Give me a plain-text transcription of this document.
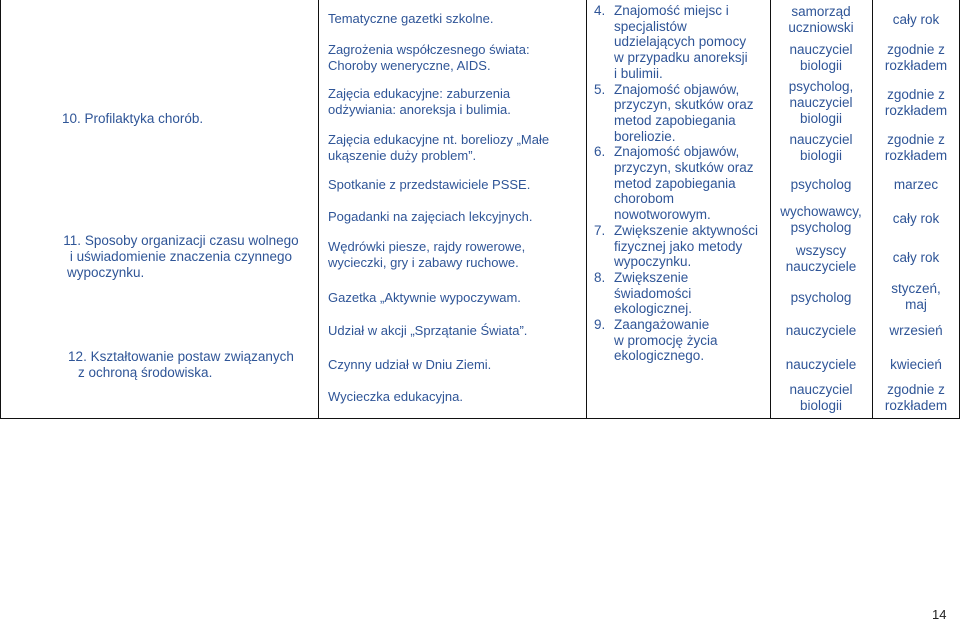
10. Profilaktyka chorób.
11. Sposoby organizacji czasu wolnego
i uświadomienie znaczenia czynnego
wypoczynku.
12. Kształtowanie postaw związanych
z ochroną środowiska.
Tematyczne gazetki szkolne.
Zagrożenia współczesnego świata:
Choroby weneryczne, AIDS.
Zajęcia edukacyjne: zaburzenia
odżywiania: anoreksja i bulimia.
Zajęcia edukacyjne nt. boreliozy „Małe
ukąszenie duży problem”.
Spotkanie z przedstawiciele PSSE.
Pogadanki na zajęciach lekcyjnych.
Wędrówki piesze, rajdy rowerowe,
wycieczki, gry i zabawy ruchowe.
Gazetka „Aktywnie wypoczywam.
Udział w akcji „Sprzątanie Świata”.
Czynny udział w Dniu Ziemi.
Wycieczka edukacyjna.
4. Znajomość miejsc i
specjalistów
udzielających pomocy
w przypadku anoreksji
i bulimii.
5. Znajomość objawów,
przyczyn, skutków oraz
metod zapobiegania
boreliozie.
6. Znajomość objawów,
przyczyn, skutków oraz
metod zapobiegania
chorobom
nowotworowym.
7. Zwiększenie aktywności
fizycznej jako metody
wypoczynku.
8. Zwiększenie
świadomości
ekologicznej.
9. Zaangażowanie
w promocję życia
ekologicznego.
samorząd
uczniowski
nauczyciel
biologii
psycholog,
nauczyciel
biologii
nauczyciel
biologii
psycholog
wychowawcy,
psycholog
wszyscy
nauczyciele
psycholog
nauczyciele
nauczyciele
nauczyciel
biologii
cały rok
zgodnie z
rozkładem
zgodnie z
rozkładem
zgodnie z
rozkładem
marzec
cały rok
cały rok
styczeń,
maj
wrzesień
kwiecień
zgodnie z
rozkładem
14
